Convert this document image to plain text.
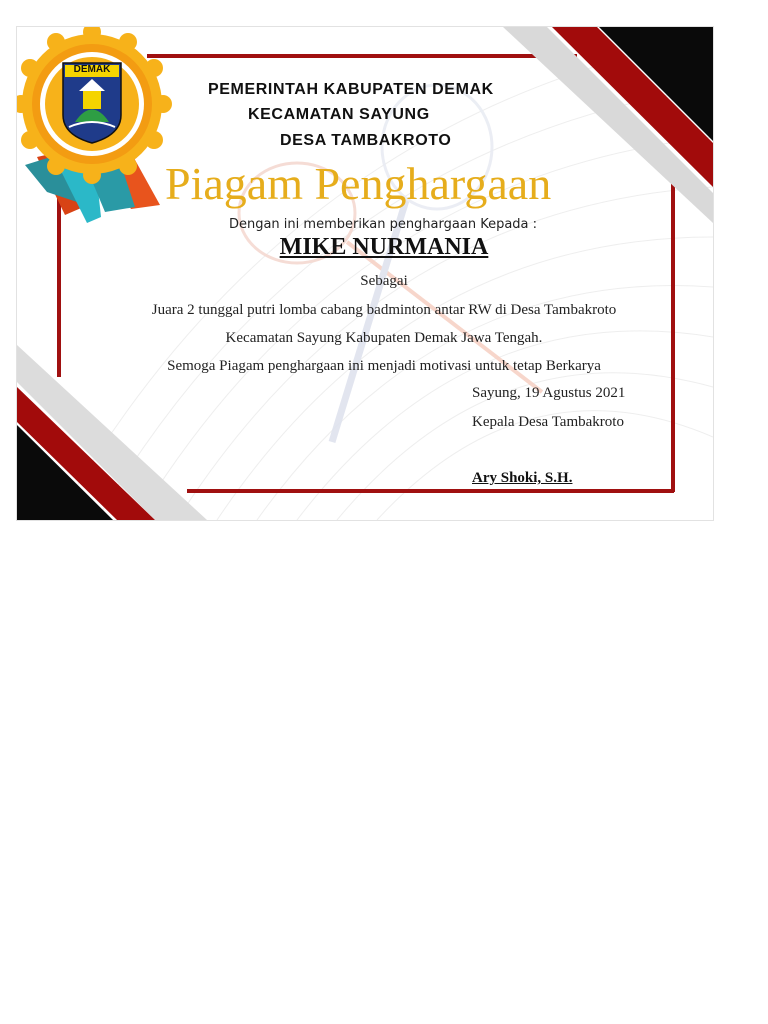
DEMAK
PEMERINTAH KABUPATEN DEMAK
KECAMATAN SAYUNG
DESA TAMBAKROTO
Piagam Penghargaan
Dengan ini memberikan penghargaan Kepada :
MIKE NURMANIA
Sebagai
Juara 2 tunggal putri lomba cabang badminton antar RW di Desa Tambakroto
Kecamatan Sayung Kabupaten Demak Jawa Tengah.
Semoga Piagam penghargaan ini menjadi motivasi untuk tetap Berkarya
Sayung, 19 Agustus 2021
Kepala Desa Tambakroto
Ary Shoki, S.H.
